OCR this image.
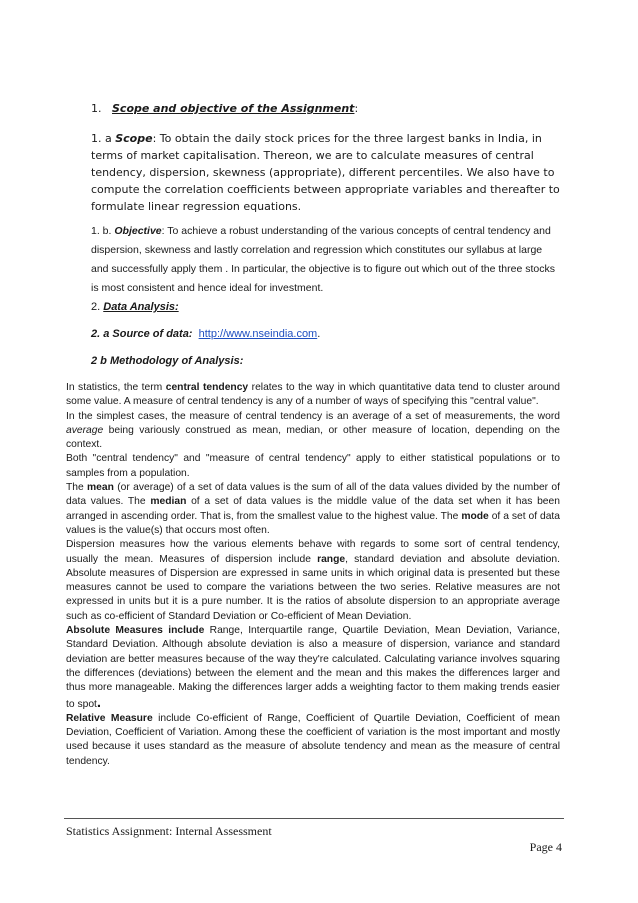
1. Scope and objective of the Assignment:
1. a Scope: To obtain the daily stock prices for the three largest banks in India, in terms of market capitalisation. Thereon, we are to calculate measures of central tendency, dispersion, skewness (appropriate), different percentiles. We also have to compute the correlation coefficients between appropriate variables and thereafter to formulate linear regression equations.
1. b. Objective: To achieve a robust understanding of the various concepts of central tendency and dispersion, skewness and lastly correlation and regression which constitutes our syllabus at large and successfully apply them . In particular, the objective is to figure out which out of the three stocks is most consistent and hence ideal for investment.
2. Data Analysis:
2. a Source of data: http://www.nseindia.com.
2 b Methodology of Analysis:

In statistics, the term central tendency relates to the way in which quantitative data tend to cluster around some value. A measure of central tendency is any of a number of ways of specifying this "central value".

In the simplest cases, the measure of central tendency is an average of a set of measurements, the word average being variously construed as mean, median, or other measure of location, depending on the context.

Both "central tendency" and "measure of central tendency" apply to either statistical populations or to samples from a population.

The mean (or average) of a set of data values is the sum of all of the data values divided by the number of data values. The median of a set of data values is the middle value of the data set when it has been arranged in ascending order. That is, from the smallest value to the highest value. The mode of a set of data values is the value(s) that occurs most often.

Dispersion measures how the various elements behave with regards to some sort of central tendency, usually the mean. Measures of dispersion include range, standard deviation and absolute deviation. Absolute measures of Dispersion are expressed in same units in which original data is presented but these measures cannot be used to compare the variations between the two series. Relative measures are not expressed in units but it is a pure number. It is the ratios of absolute dispersion to an appropriate average such as co-efficient of Standard Deviation or Co-efficient of Mean Deviation.

Absolute Measures include Range, Interquartile range, Quartile Deviation, Mean Deviation, Variance, Standard Deviation. Although absolute deviation is also a measure of dispersion, variance and standard deviation are better measures because of the way they're calculated. Calculating variance involves squaring the differences (deviations) between the element and the mean and this makes the differences larger and thus more manageable. Making the differences larger adds a weighting factor to them making trends easier to spot.

Relative Measure include Co-efficient of Range, Coefficient of Quartile Deviation, Coefficient of mean Deviation, Coefficient of Variation. Among these the coefficient of variation is the most important and mostly used because it uses standard as the measure of absolute tendency and mean as the measure of central tendency.

Statistics Assignment: Internal Assessment
Page 4
